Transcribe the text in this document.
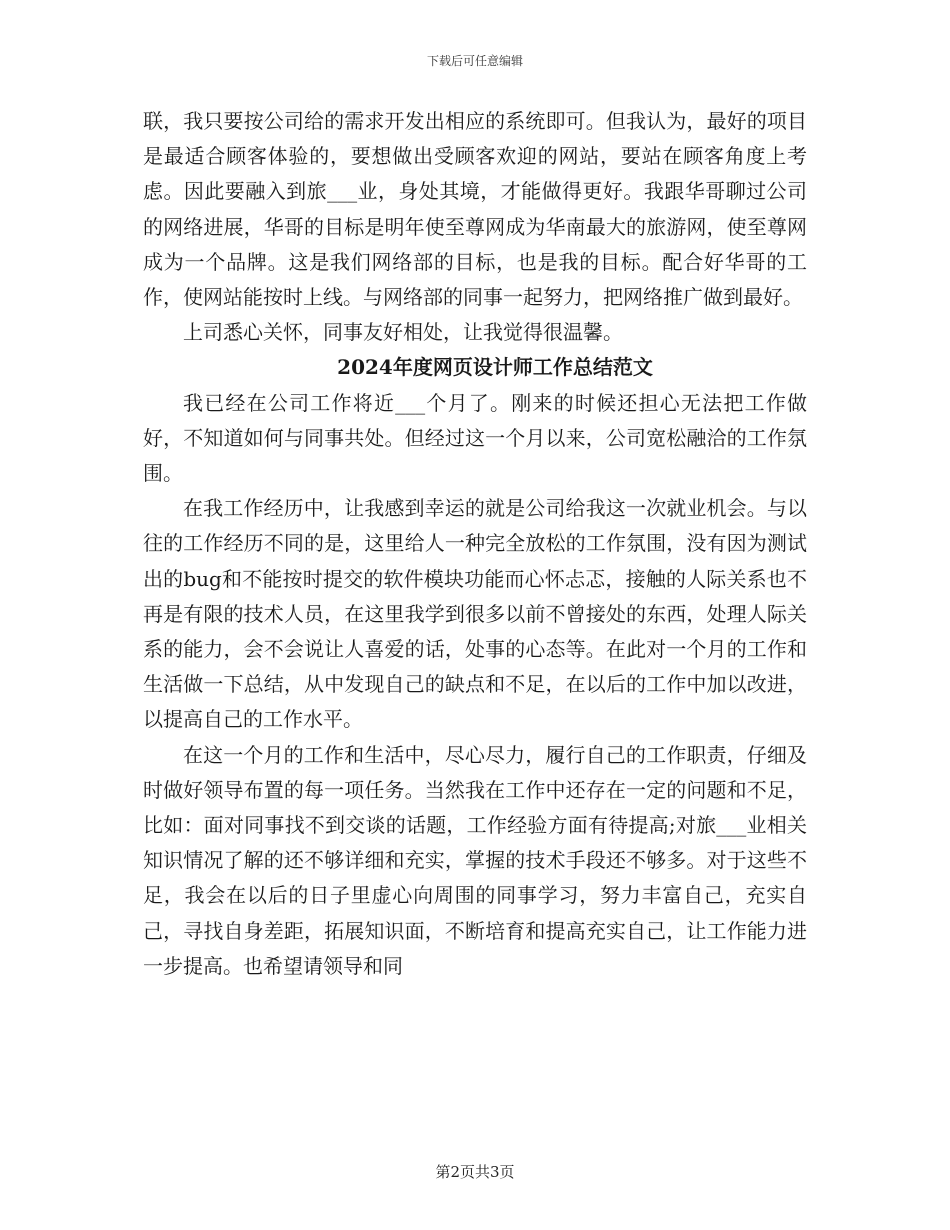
下载后可任意编辑

联，我只要按公司给的需求开发出相应的系统即可。但我认为，最好的项目是最适合顾客体验的，要想做出受顾客欢迎的网站，要站在顾客角度上考虑。因此要融入到旅___业，身处其境，才能做得更好。我跟华哥聊过公司的网络进展，华哥的目标是明年使至尊网成为华南最大的旅游网，使至尊网成为一个品牌。这是我们网络部的目标，也是我的目标。配合好华哥的工作，使网站能按时上线。与网络部的同事一起努力，把网络推广做到最好。

上司悉心关怀，同事友好相处，让我觉得很温馨。

2024年度网页设计师工作总结范文

我已经在公司工作将近___个月了。刚来的时候还担心无法把工作做好，不知道如何与同事共处。但经过这一个月以来，公司宽松融洽的工作氛围。

在我工作经历中，让我感到幸运的就是公司给我这一次就业机会。与以往的工作经历不同的是，这里给人一种完全放松的工作氛围，没有因为测试出的bug和不能按时提交的软件模块功能而心怀忐忑，接触的人际关系也不再是有限的技术人员，在这里我学到很多以前不曾接处的东西，处理人际关系的能力，会不会说让人喜爱的话，处事的心态等。在此对一个月的工作和生活做一下总结，从中发现自己的缺点和不足，在以后的工作中加以改进，以提高自己的工作水平。

在这一个月的工作和生活中，尽心尽力，履行自己的工作职责，仔细及时做好领导布置的每一项任务。当然我在工作中还存在一定的问题和不足，比如：面对同事找不到交谈的话题，工作经验方面有待提高;对旅___业相关知识情况了解的还不够详细和充实，掌握的技术手段还不够多。对于这些不足，我会在以后的日子里虚心向周围的同事学习，努力丰富自己，充实自己，寻找自身差距，拓展知识面，不断培育和提高充实自己，让工作能力进一步提高。也希望请领导和同

第2页共3页
